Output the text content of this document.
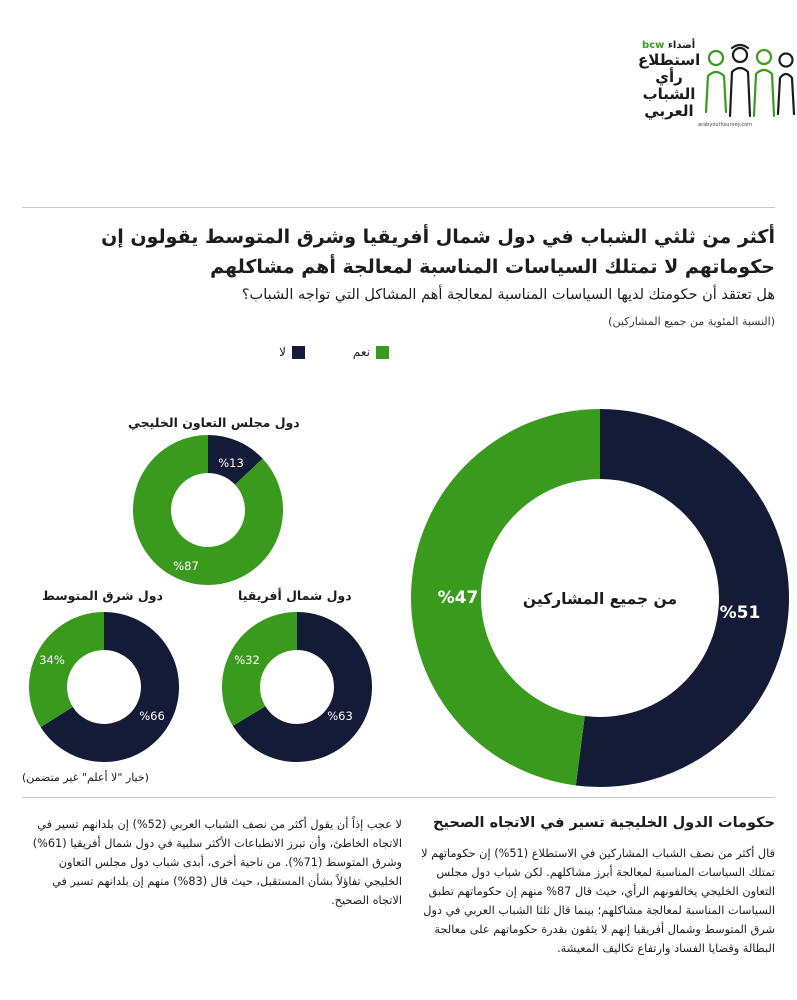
bcw أصداء
استطلاع رأي الشباب العربي
arabyouthsurvey.com
أكثر من ثلثي الشباب في دول شمال أفريقيا وشرق المتوسط يقولون إن حكوماتهم لا تمتلك السياسات المناسبة لمعالجة أهم مشاكلهم
هل تعتقد أن حكومتك لديها السياسات المناسبة لمعالجة أهم المشاكل التي تواجه الشباب؟
(النسبة المئوية من جميع المشاركين)
نعم
لا
دول مجلس التعاون الخليجي
دول شمال أفريقيا
دول شرق المتوسط	من جميع المشاركين
%51
%47
%13
%87
%63
%32
%66
34%
(خيار "لا أعلم" غير متضمن)
حكومات الدول الخليجية تسير في الاتجاه الصحيح
قال أكثر من نصف الشباب المشاركين في الاستطلاع (51%) إن حكوماتهم لا تمتلك السياسات المناسبة لمعالجة أبرز مشاكلهم. لكن شباب دول مجلس التعاون الخليجي يخالفونهم الرأي، حيث قال 87% منهم إن حكوماتهم تطبق السياسات المناسبة لمعالجة مشاكلهم؛ بينما قال ثلثا الشباب العربي في دول شرق المتوسط وشمال أفريقيا إنهم لا يثقون بقدرة حكوماتهم على معالجة البطالة وقضايا الفساد وارتفاع تكاليف المعيشة.
لا عجب إذاً أن يقول أكثر من نصف الشباب العربي (52%) إن بلدانهم تسير في الاتجاه الخاطئ، وأن تبرز الانطباعات الأكثر سلبية في دول شمال أفريقيا (61%) وشرق المتوسط (71%). من ناحية أخرى، أبدى شباب دول مجلس التعاون الخليجي تفاؤلاً بشأن المستقبل، حيث قال (83%) منهم إن بلدانهم تسير في الاتجاه الصحيح.
